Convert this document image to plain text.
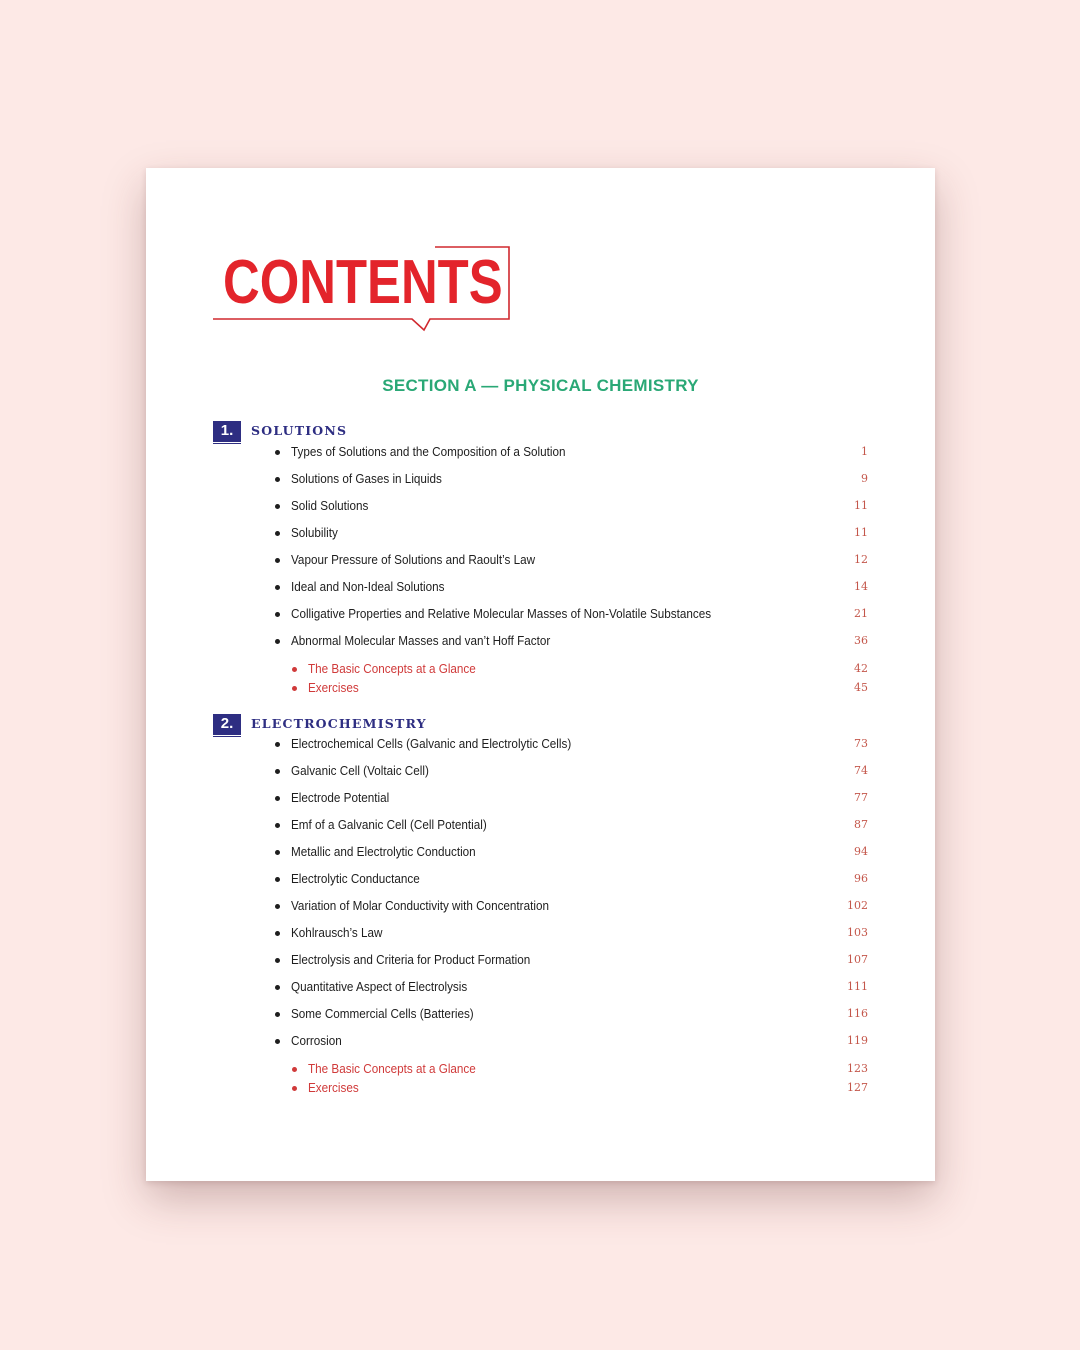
CONTENTS
SECTION A — PHYSICAL CHEMISTRY
1.	SOLUTIONS
Types of Solutions and the Composition of a Solution	1
Solutions of Gases in Liquids	9
Solid Solutions	11
Solubility	11
Vapour Pressure of Solutions and Raoult’s Law	12
Ideal and Non-Ideal Solutions	14
Colligative Properties and Relative Molecular Masses of Non-Volatile Substances	21
Abnormal Molecular Masses and van’t Hoff Factor	36
The Basic Concepts at a Glance	42
Exercises	45
2.	ELECTROCHEMISTRY
Electrochemical Cells (Galvanic and Electrolytic Cells)	73
Galvanic Cell (Voltaic Cell)	74
Electrode Potential	77
Emf of a Galvanic Cell (Cell Potential)	87
Metallic and Electrolytic Conduction	94
Electrolytic Conductance	96
Variation of Molar Conductivity with Concentration	102
Kohlrausch’s Law	103
Electrolysis and Criteria for Product Formation	107
Quantitative Aspect of Electrolysis	111
Some Commercial Cells (Batteries)	116
Corrosion	119
The Basic Concepts at a Glance	123
Exercises	127
